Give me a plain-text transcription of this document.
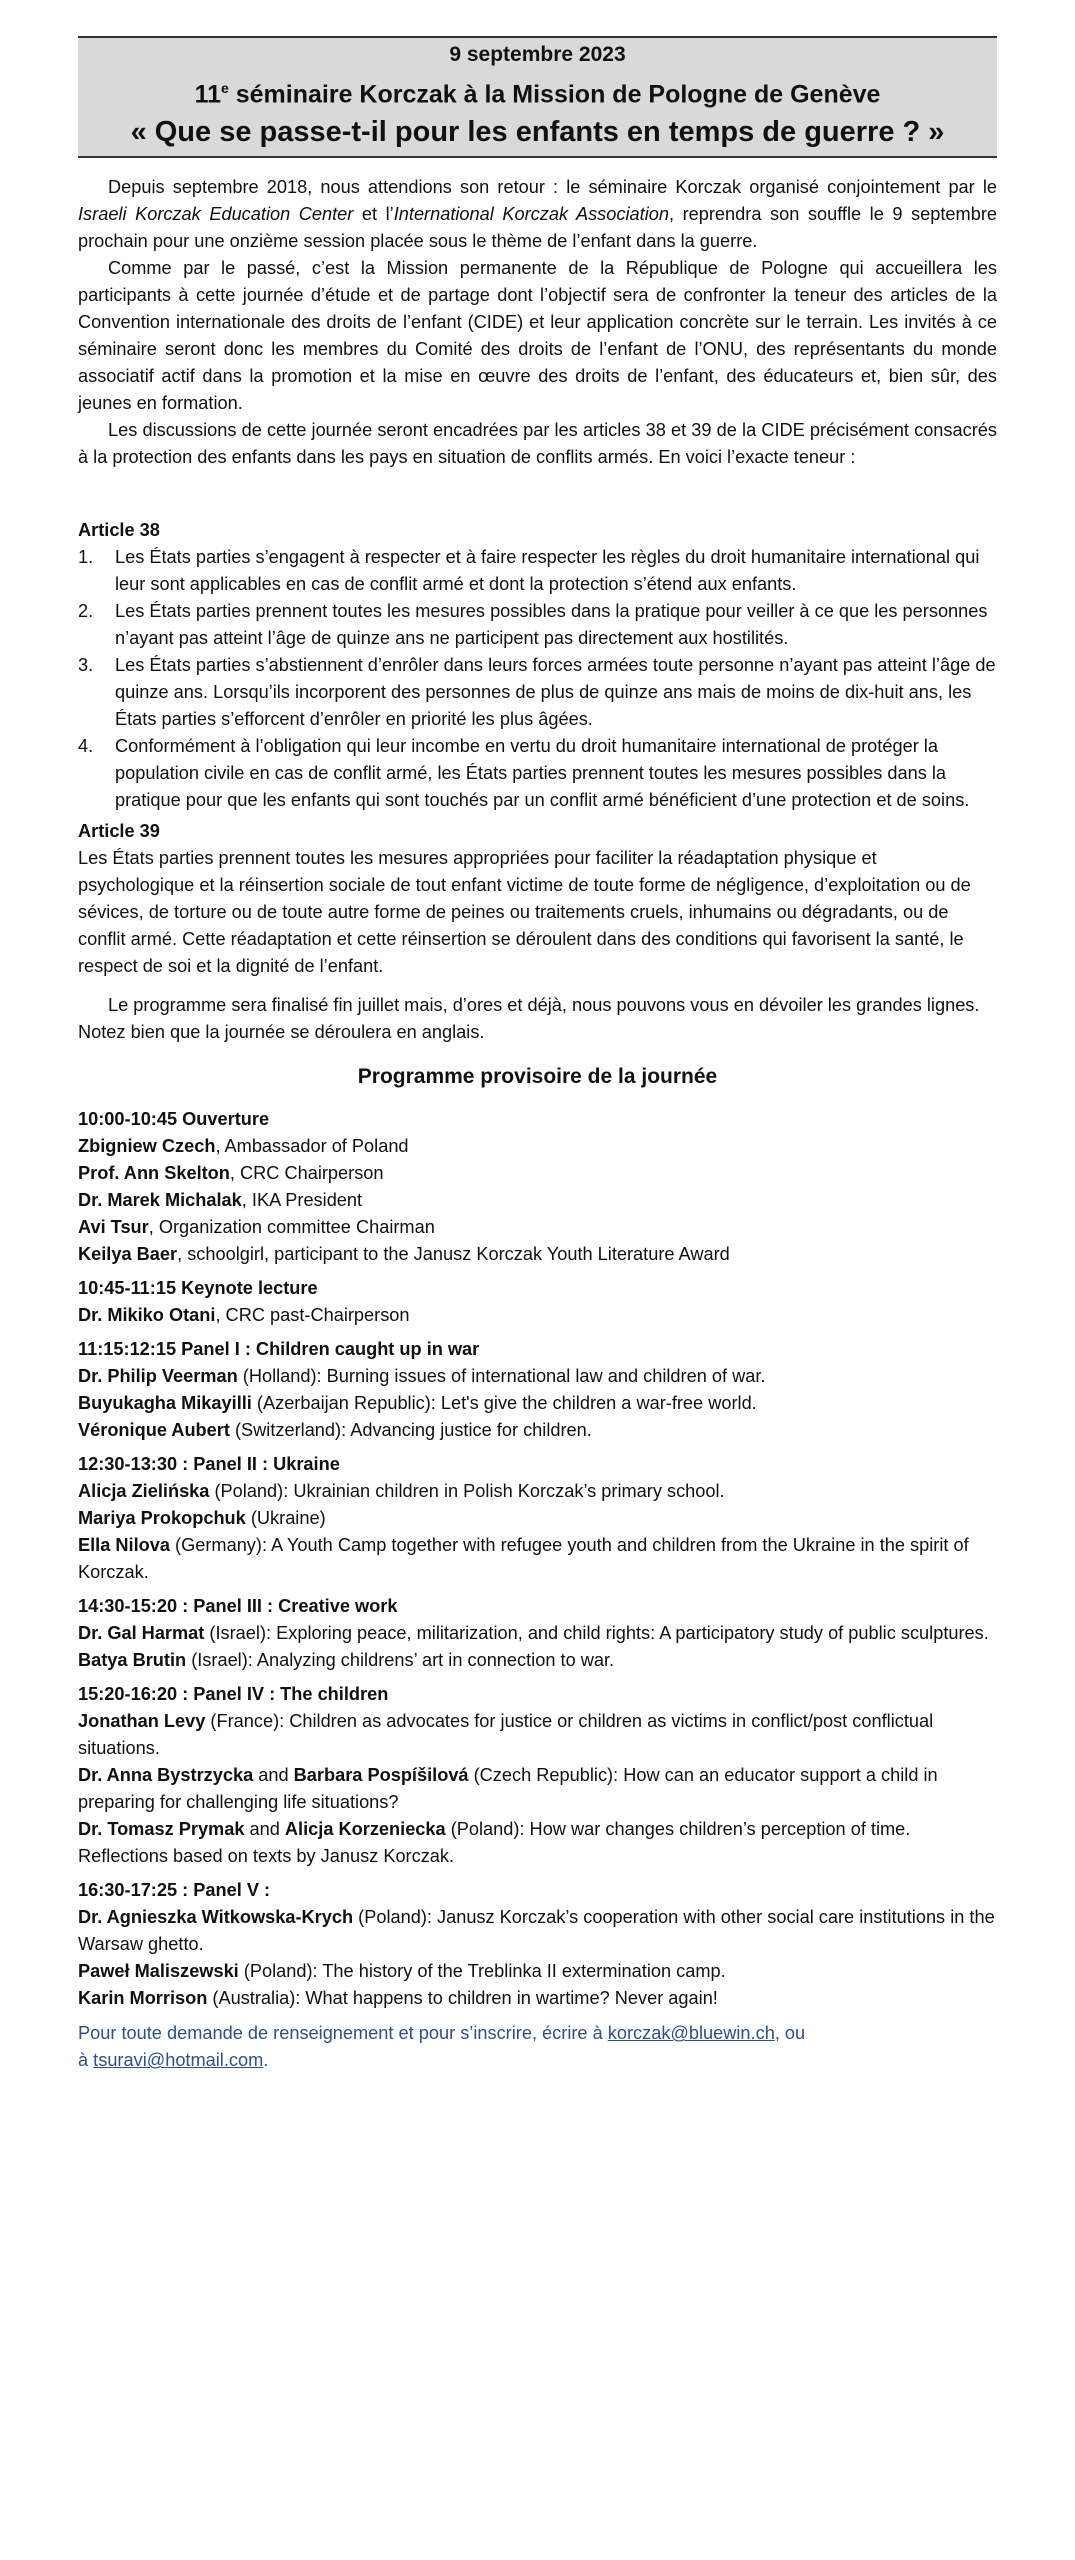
9 septembre 2023
11e séminaire Korczak à la Mission de Pologne de Genève
« Que se passe-t-il pour les enfants en temps de guerre ? »

Depuis septembre 2018, nous attendions son retour : le séminaire Korczak organisé conjointement par le Israeli Korczak Education Center et l’International Korczak Association, reprendra son souffle le 9 septembre prochain pour une onzième session placée sous le thème de l’enfant dans la guerre.

Comme par le passé, c’est la Mission permanente de la République de Pologne qui accueillera les participants à cette journée d’étude et de partage dont l’objectif sera de confronter la teneur des articles de la Convention internationale des droits de l’enfant (CIDE) et leur application concrète sur le terrain. Les invités à ce séminaire seront donc les membres du Comité des droits de l’enfant de l’ONU, des représentants du monde associatif actif dans la promotion et la mise en œuvre des droits de l’enfant, des éducateurs et, bien sûr, des jeunes en formation.

Les discussions de cette journée seront encadrées par les articles 38 et 39 de la CIDE précisément consacrés à la protection des enfants dans les pays en situation de conflits armés. En voici l’exacte teneur :

Article 38
1. Les États parties s’engagent à respecter et à faire respecter les règles du droit humanitaire international qui leur sont applicables en cas de conflit armé et dont la protection s’étend aux enfants.
2. Les États parties prennent toutes les mesures possibles dans la pratique pour veiller à ce que les personnes n’ayant pas atteint l’âge de quinze ans ne participent pas directement aux hostilités.
3. Les États parties s’abstiennent d’enrôler dans leurs forces armées toute personne n’ayant pas atteint l’âge de quinze ans. Lorsqu’ils incorporent des personnes de plus de quinze ans mais de moins de dix-huit ans, les États parties s’efforcent d’enrôler en priorité les plus âgées.
4. Conformément à l’obligation qui leur incombe en vertu du droit humanitaire international de protéger la population civile en cas de conflit armé, les États parties prennent toutes les mesures possibles dans la pratique pour que les enfants qui sont touchés par un conflit armé bénéficient d’une protection et de soins.
Article 39

Les États parties prennent toutes les mesures appropriées pour faciliter la réadaptation physique et psychologique et la réinsertion sociale de tout enfant victime de toute forme de négligence, d’exploitation ou de sévices, de torture ou de toute autre forme de peines ou traitements cruels, inhumains ou dégradants, ou de conflit armé. Cette réadaptation et cette réinsertion se déroulent dans des conditions qui favorisent la santé, le respect de soi et la dignité de l’enfant.

Le programme sera finalisé fin juillet mais, d’ores et déjà, nous pouvons vous en dévoiler les grandes lignes. Notez bien que la journée se déroulera en anglais.
Programme provisoire de la journée
10:00-10:45 Ouverture
Zbigniew Czech, Ambassador of Poland
Prof. Ann Skelton, CRC Chairperson
Dr. Marek Michalak, IKA President
Avi Tsur, Organization committee Chairman
Keilya Baer, schoolgirl, participant to the Janusz Korczak Youth Literature Award
10:45-11:15 Keynote lecture
Dr. Mikiko Otani, CRC past-Chairperson
11:15:12:15 Panel I : Children caught up in war
Dr. Philip Veerman (Holland): Burning issues of international law and children of war.
Buyukagha Mikayilli (Azerbaijan Republic): Let's give the children a war-free world.
Véronique Aubert (Switzerland): Advancing justice for children.
12:30-13:30 : Panel II : Ukraine
Alicja Zielińska (Poland): Ukrainian children in Polish Korczak’s primary school.
Mariya Prokopchuk (Ukraine)
Ella Nilova (Germany): A Youth Camp together with refugee youth and children from the Ukraine in the spirit of Korczak.
14:30-15:20 : Panel III : Creative work
Dr. Gal Harmat (Israel): Exploring peace, militarization, and child rights: A participatory study of public sculptures.
Batya Brutin (Israel): Analyzing childrens’ art in connection to war.
15:20-16:20 : Panel IV : The children
Jonathan Levy (France): Children as advocates for justice or children as victims in conflict/post conflictual situations.
Dr. Anna Bystrzycka and Barbara Pospíšilová (Czech Republic): How can an educator support a child in preparing for challenging life situations?
Dr. Tomasz Prymak and Alicja Korzeniecka (Poland): How war changes children’s perception of time. Reflections based on texts by Janusz Korczak.
16:30-17:25 : Panel V :
Dr. Agnieszka Witkowska-Krych (Poland): Janusz Korczak’s cooperation with other social care institutions in the Warsaw ghetto.
Paweł Maliszewski (Poland): The history of the Treblinka II extermination camp.
Karin Morrison (Australia): What happens to children in wartime? Never again!
Pour toute demande de renseignement et pour s’inscrire, écrire à korczak@bluewin.ch, ou
à tsuravi@hotmail.com.
